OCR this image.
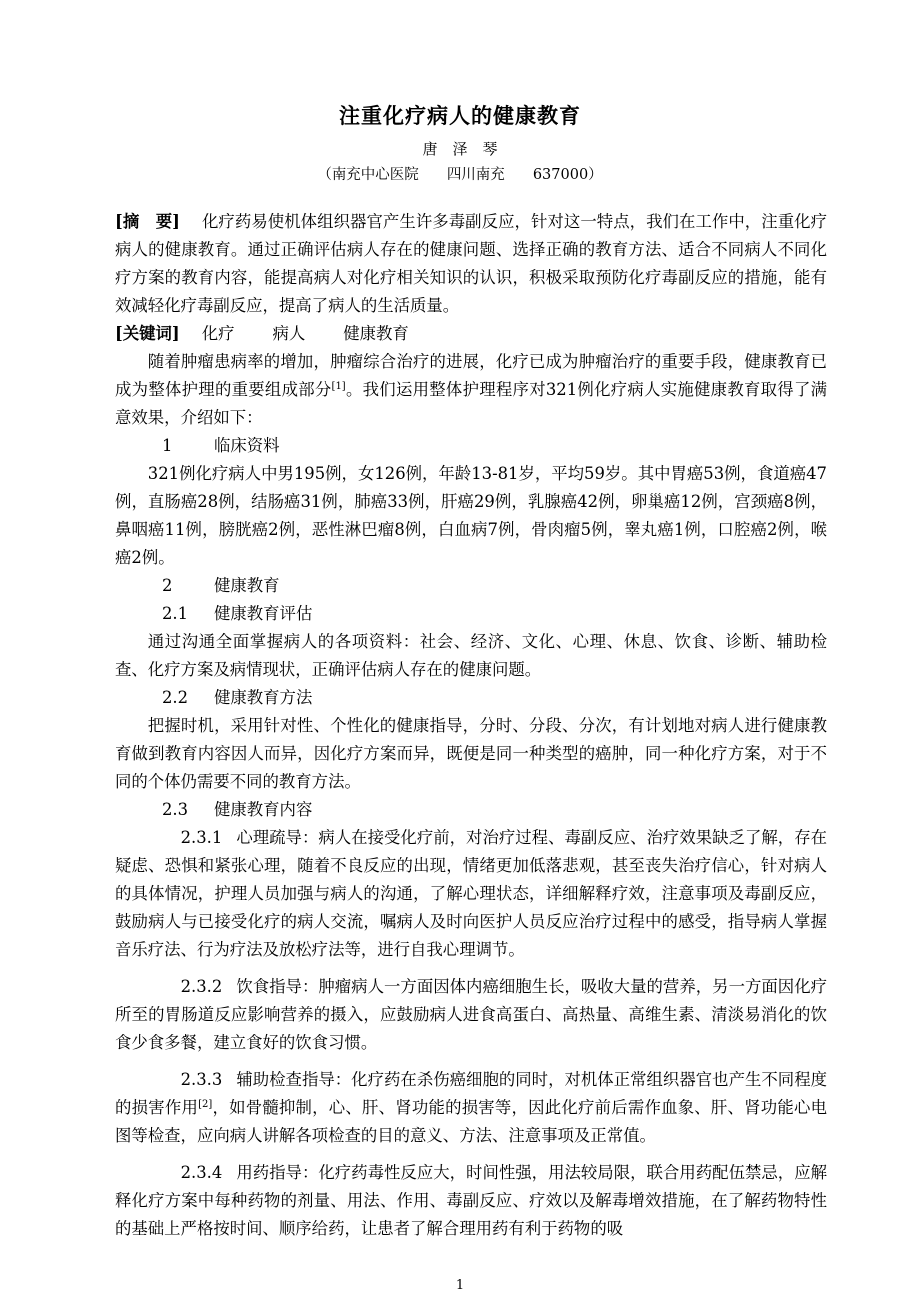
注重化疗病人的健康教育
唐　泽　琴
（南充中心医院 四川南充 637000）

[摘　要] 化疗药易使机体组织器官产生许多毒副反应，针对这一特点，我们在工作中，注重化疗病人的健康教育。通过正确评估病人存在的健康问题、选择正确的教育方法、适合不同病人不同化疗方案的教育内容，能提高病人对化疗相关知识的认识，积极采取预防化疗毒副反应的措施，能有效减轻化疗毒副反应，提高了病人的生活质量。

[关键词] 化疗 病人 健康教育

随着肿瘤患病率的增加，肿瘤综合治疗的进展，化疗已成为肿瘤治疗的重要手段，健康教育已成为整体护理的重要组成部分[1]。我们运用整体护理程序对321例化疗病人实施健康教育取得了满意效果，介绍如下：

1	临床资料

321例化疗病人中男195例，女126例，年龄13-81岁，平均59岁。其中胃癌53例，食道癌47例，直肠癌28例，结肠癌31例，肺癌33例，肝癌29例，乳腺癌42例，卵巢癌12例，宫颈癌8例，鼻咽癌11例，膀胱癌2例，恶性淋巴瘤8例，白血病7例，骨肉瘤5例，睾丸癌1例，口腔癌2例，喉癌2例。

2	健康教育

2.1 健康教育评估

通过沟通全面掌握病人的各项资料：社会、经济、文化、心理、休息、饮食、诊断、辅助检查、化疗方案及病情现状，正确评估病人存在的健康问题。

2.2 健康教育方法

把握时机，采用针对性、个性化的健康指导，分时、分段、分次，有计划地对病人进行健康教育做到教育内容因人而异，因化疗方案而异，既便是同一种类型的癌肿，同一种化疗方案，对于不同的个体仍需要不同的教育方法。

2.3 健康教育内容

2.3.1 心理疏导：病人在接受化疗前，对治疗过程、毒副反应、治疗效果缺乏了解，存在疑虑、恐惧和紧张心理，随着不良反应的出现，情绪更加低落悲观，甚至丧失治疗信心，针对病人的具体情况，护理人员加强与病人的沟通，了解心理状态，详细解释疗效，注意事项及毒副反应，鼓励病人与已接受化疗的病人交流，嘱病人及时向医护人员反应治疗过程中的感受，指导病人掌握音乐疗法、行为疗法及放松疗法等，进行自我心理调节。

2.3.2 饮食指导：肿瘤病人一方面因体内癌细胞生长，吸收大量的营养，另一方面因化疗所至的胃肠道反应影响营养的摄入，应鼓励病人进食高蛋白、高热量、高维生素、清淡易消化的饮食少食多餐，建立食好的饮食习惯。

2.3.3 辅助检查指导：化疗药在杀伤癌细胞的同时，对机体正常组织器官也产生不同程度的损害作用[2]，如骨髓抑制，心、肝、肾功能的损害等，因此化疗前后需作血象、肝、肾功能心电图等检查，应向病人讲解各项检查的目的意义、方法、注意事项及正常值。

2.3.4 用药指导：化疗药毒性反应大，时间性强，用法较局限，联合用药配伍禁忌，应解释化疗方案中每种药物的剂量、用法、作用、毒副反应、疗效以及解毒增效措施，在了解药物特性的基础上严格按时间、顺序给药，让患者了解合理用药有利于药物的吸

1
